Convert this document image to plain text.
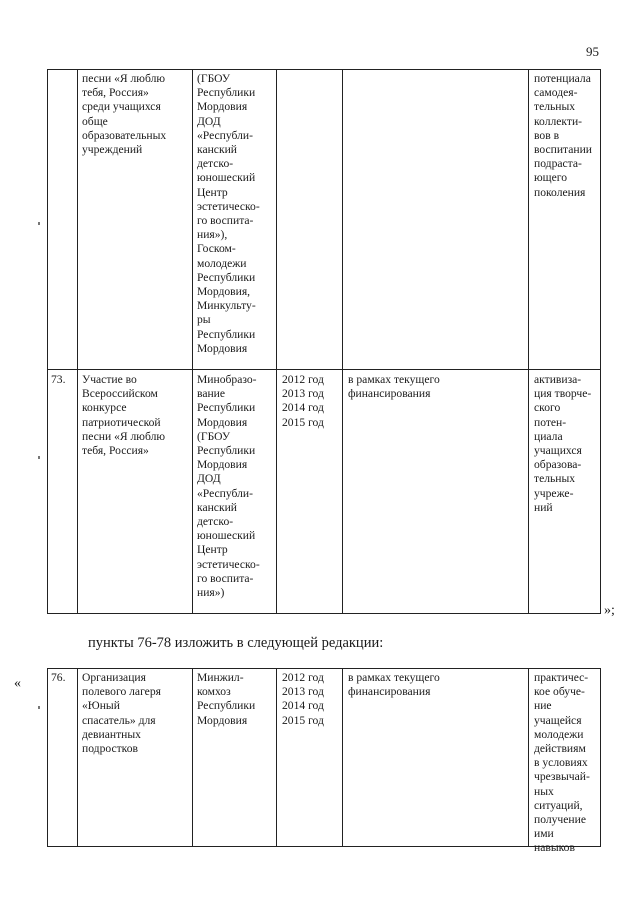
95
песни «Я люблю
тебя, Россия»
среди учащихся
обще
образовательных
учреждений
(ГБОУ
Республики
Мордовия
ДОД
«Республи-
канский
детско-
юношеский
Центр
эстетическо-
го воспита-
ния»),
Госком-
молодежи
Республики
Мордовия,
Минкульту-
ры
Республики
Мордовия
потенциала
самодея-
тельных
коллекти-
вов в
воспитании
подраста-
ющего
поколения
73. Участие во
Всероссийском
конкурсе
патриотической
песни «Я люблю
тебя, Россия»
Минобразо-
вание
Республики
Мордовия
(ГБОУ
Республики
Мордовия
ДОД
«Республи-
канский
детско-
юношеский
Центр
эстетическо-
го воспита-
ния»)
2012 год
2013 год
2014 год
2015 год
в рамках текущего
финансирования
активиза-
ция творче-
ского
потен-
циала
учащихся
образова-
тельных
учреже-
ний
»;
пункты 76-78 изложить в следующей редакции:
«	76. Организация
полевого лагеря
«Юный
спасатель» для
девиантных
подростков
Минжил-
комхоз
Республики
Мордовия
2012 год
2013 год
2014 год
2015 год
в рамках текущего
финансирования
практичес-
кое обуче-
ние
учащейся
молодежи
действиям
в условиях
чрезвычай-
ных
ситуаций,
получение
ими
навыков
